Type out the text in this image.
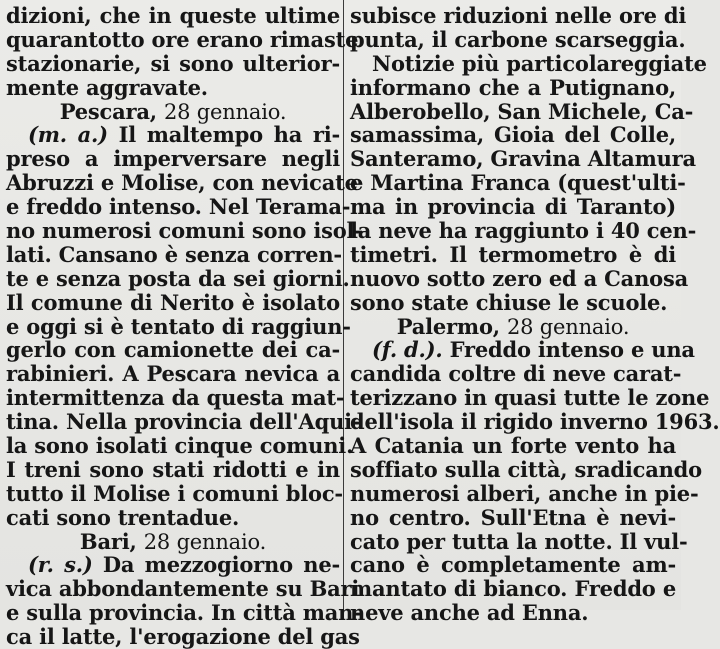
dizioni, che in queste ultime
quarantotto ore erano rimaste
stazionarie, si sono ulterior-
mente aggravate.
Pescara, 28 gennaio.
(m. a.) Il maltempo ha ri-
preso a imperversare negli
Abruzzi e Molise, con nevicate
e freddo intenso. Nel Terama-
no numerosi comuni sono isol-
lati. Cansano è senza corren-
te e senza posta da sei giorni.
Il comune di Nerito è isolato
e oggi si è tentato di raggiun-
gerlo con camionette dei ca-
rabinieri. A Pescara nevica a
intermittenza da questa mat-
tina. Nella provincia dell'Aqui-
la sono isolati cinque comuni.
I treni sono stati ridotti e in
tutto il Molise i comuni bloc-
cati sono trentadue.
Bari, 28 gennaio.
(r. s.) Da mezzogiorno ne-
vica abbondantemente su Bari
e sulla provincia. In città man-
ca il latte, l'erogazione del gas
subisce riduzioni nelle ore di
punta, il carbone scarseggia.
Notizie più particolareggiate
informano che a Putignano,
Alberobello, San Michele, Ca-
samassima, Gioia del Colle,
Santeramo, Gravina Altamura
e Martina Franca (quest'ulti-
ma in provincia di Taranto)
la neve ha raggiunto i 40 cen-
timetri. Il termometro è di
nuovo sotto zero ed a Canosa
sono state chiuse le scuole.
Palermo, 28 gennaio.
(f. d.). Freddo intenso e una
candida coltre di neve carat-
terizzano in quasi tutte le zone
dell'isola il rigido inverno 1963.
A Catania un forte vento ha
soffiato sulla città, sradicando
numerosi alberi, anche in pie-
no centro. Sull'Etna è nevi-
cato per tutta la notte. Il vul-
cano è completamente am-
mantato di bianco. Freddo e
neve anche ad Enna.
